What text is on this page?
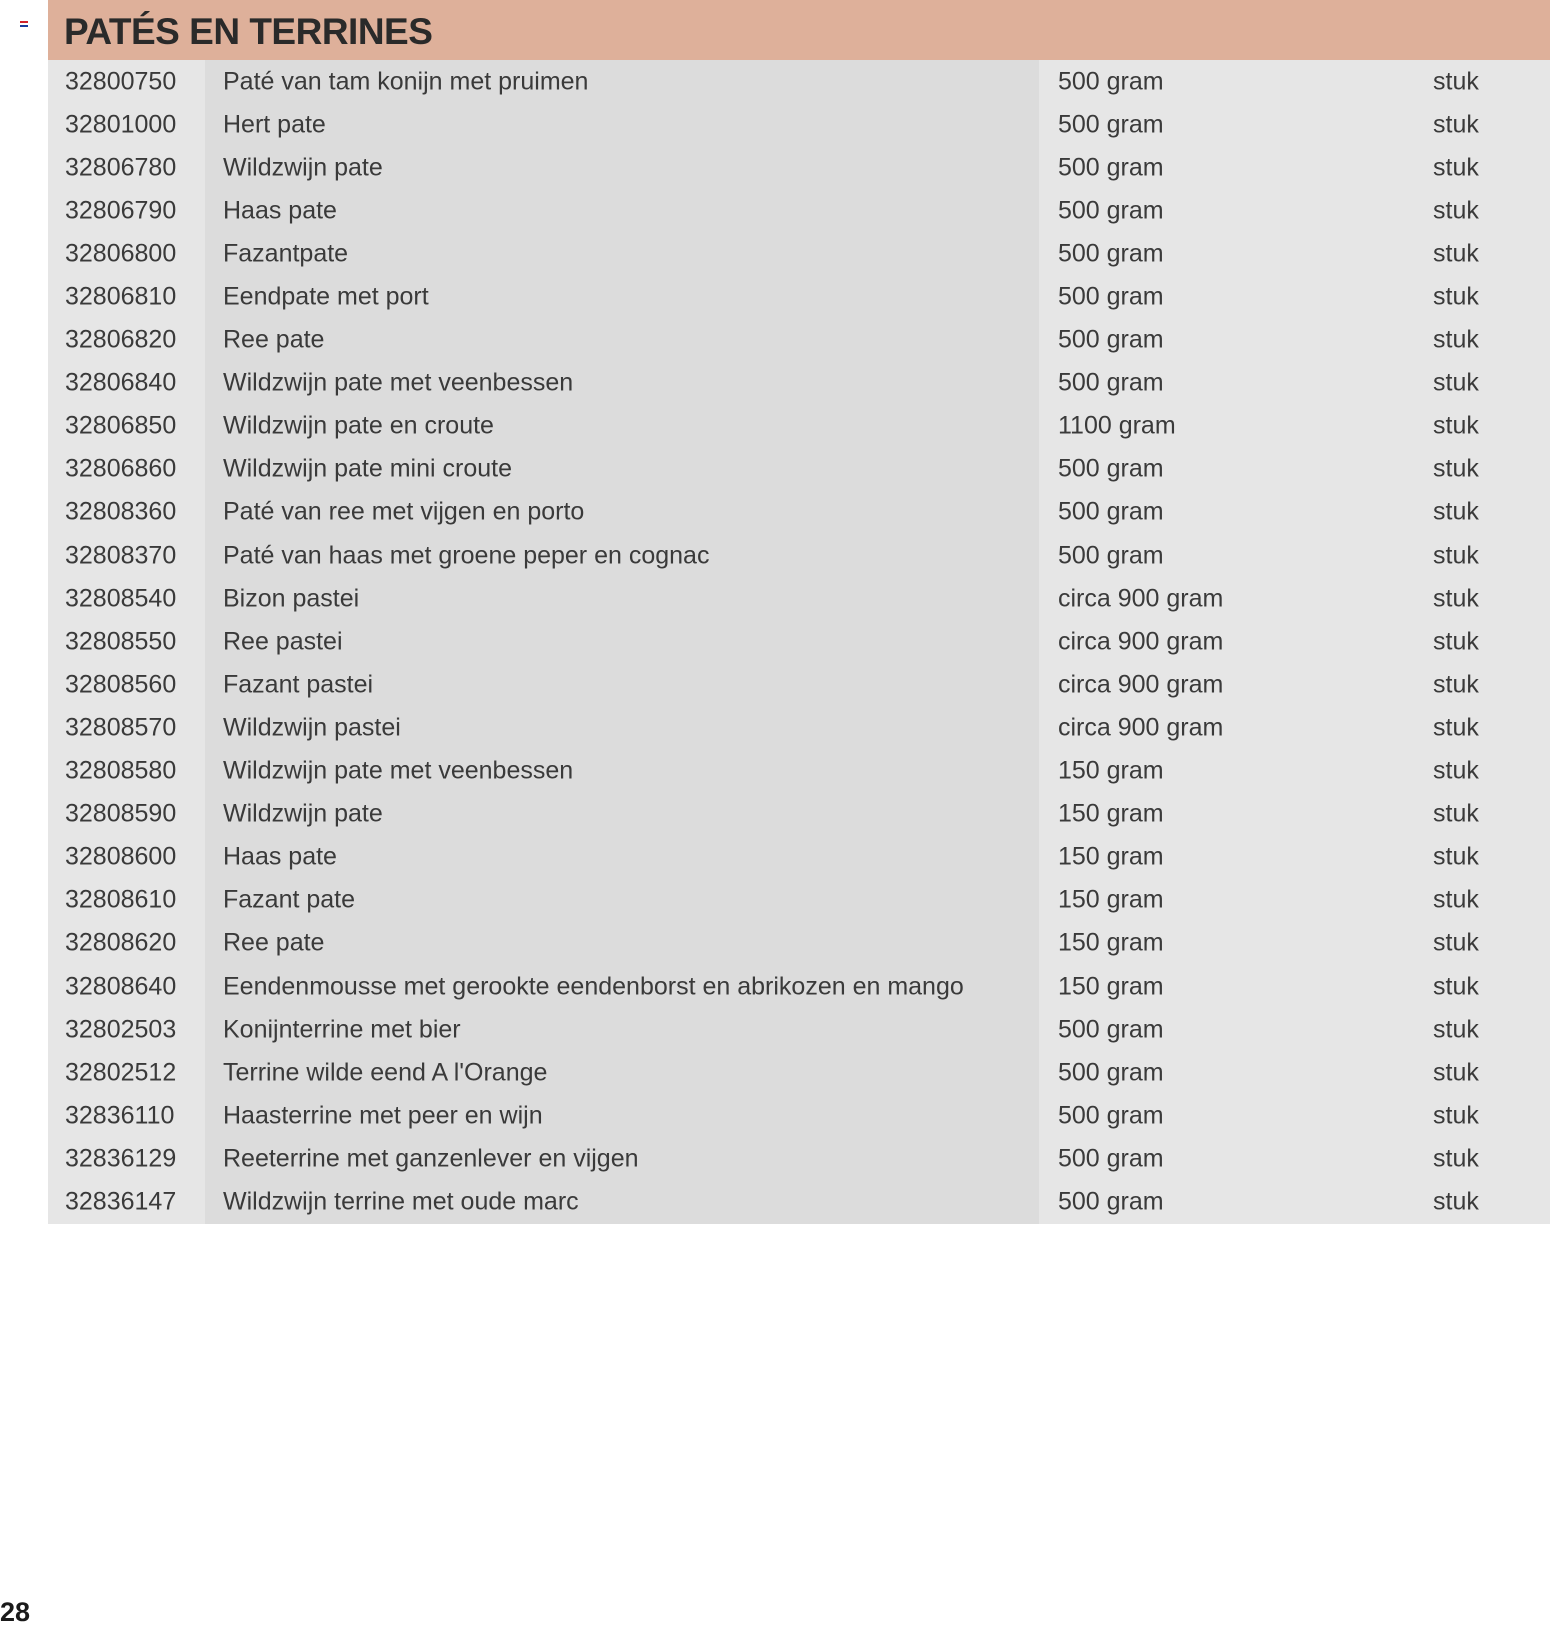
PATÉS EN TERRINES
32800750 Paté van tam konijn met pruimen	500 gram	stuk
32801000 Hert pate	500 gram	stuk
32806780 Wildzwijn pate	500 gram	stuk
32806790 Haas pate	500 gram	stuk
32806800 Fazantpate	500 gram	stuk
32806810 Eendpate met port	500 gram	stuk
32806820 Ree pate	500 gram	stuk
32806840 Wildzwijn pate met veenbessen	500 gram	stuk
32806850 Wildzwijn pate en croute	1100 gram	stuk
32806860 Wildzwijn pate mini croute	500 gram	stuk
32808360 Paté van ree met vijgen en porto	500 gram	stuk
32808370 Paté van haas met groene peper en cognac	500 gram	stuk
32808540 Bizon pastei	circa 900 gram	stuk
32808550 Ree pastei	circa 900 gram	stuk
32808560 Fazant pastei	circa 900 gram	stuk
32808570 Wildzwijn pastei	circa 900 gram	stuk
32808580 Wildzwijn pate met veenbessen	150 gram	stuk
32808590 Wildzwijn pate	150 gram	stuk
32808600 Haas pate	150 gram	stuk
32808610 Fazant pate	150 gram	stuk
32808620 Ree pate	150 gram	stuk
32808640 Eendenmousse met gerookte eendenborst en abrikozen en mango	150 gram	stuk
32802503 Konijnterrine met bier	500 gram	stuk
32802512 Terrine wilde eend A l'Orange	500 gram	stuk
32836110 Haasterrine met peer en wijn	500 gram	stuk
32836129 Reeterrine met ganzenlever en vijgen	500 gram	stuk
32836147 Wildzwijn terrine met oude marc	500 gram	stuk
28
